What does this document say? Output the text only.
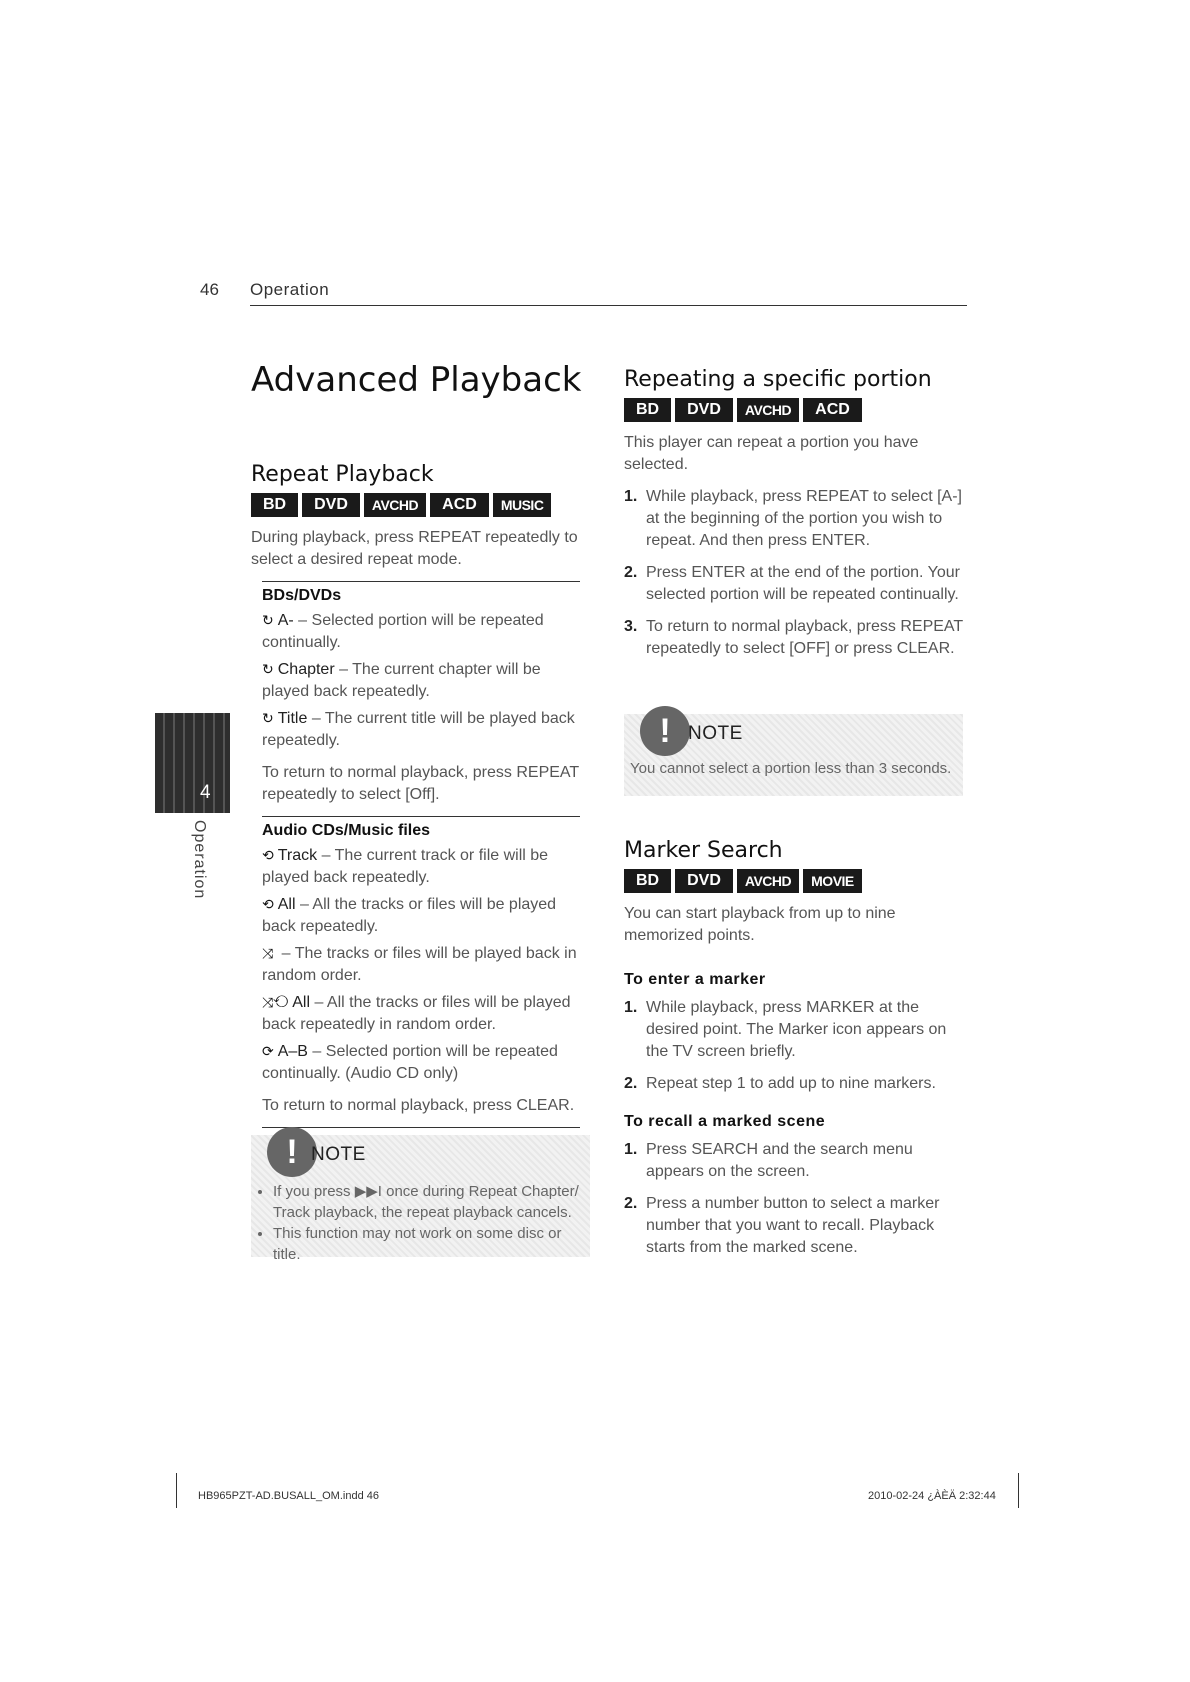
46 Operation
4
Operation
Advanced Playback
Repeat Playback
BD	DVD	AVCHD	ACD	MUSIC

During playback, press REPEAT repeatedly to select a desired repeat mode.

BDs/DVDs

↻ A- – Selected portion will be repeated continually.

↻ Chapter – The current chapter will be played back repeatedly.

↻ Title – The current title will be played back repeatedly.

To return to normal playback, press REPEAT repeatedly to select [Off].

Audio CDs/Music files

⟲ Track – The current track or file will be played back repeatedly.

⟲ All – All the tracks or files will be played back repeatedly.

⤨ – The tracks or files will be played back in random order.

⤨⟲ All – All the tracks or files will be played back repeatedly in random order.

⟳ A–B – Selected portion will be repeated continually. (Audio CD only)

To return to normal playback, press CLEAR.

! NOTE
• If you press ▶▶I once during Repeat Chapter/ Track playback, the repeat playback cancels.
• This function may not work on some disc or title.
Repeating a specific portion
BD	DVD	AVCHD	ACD

This player can repeat a portion you have selected.

1. While playback, press REPEAT to select [A-] at the beginning of the portion you wish to repeat. And then press ENTER.
2. Press ENTER at the end of the portion. Your selected portion will be repeated continually.
3. To return to normal playback, press REPEAT repeatedly to select [OFF] or press CLEAR.
! NOTE
You cannot select a portion less than 3 seconds.
Marker Search
BD	DVD	AVCHD	MOVIE

You can start playback from up to nine memorized points.

To enter a marker

1. While playback, press MARKER at the desired point. The Marker icon appears on the TV screen briefly.
2. Repeat step 1 to add up to nine markers.

To recall a marked scene

1. Press SEARCH and the search menu appears on the screen.
2. Press a number button to select a marker number that you want to recall. Playback starts from the marked scene.
HB965PZT-AD.BUSALL_OM.indd 46	2010-02-24 ¿ÀÈÄ 2:32:44
